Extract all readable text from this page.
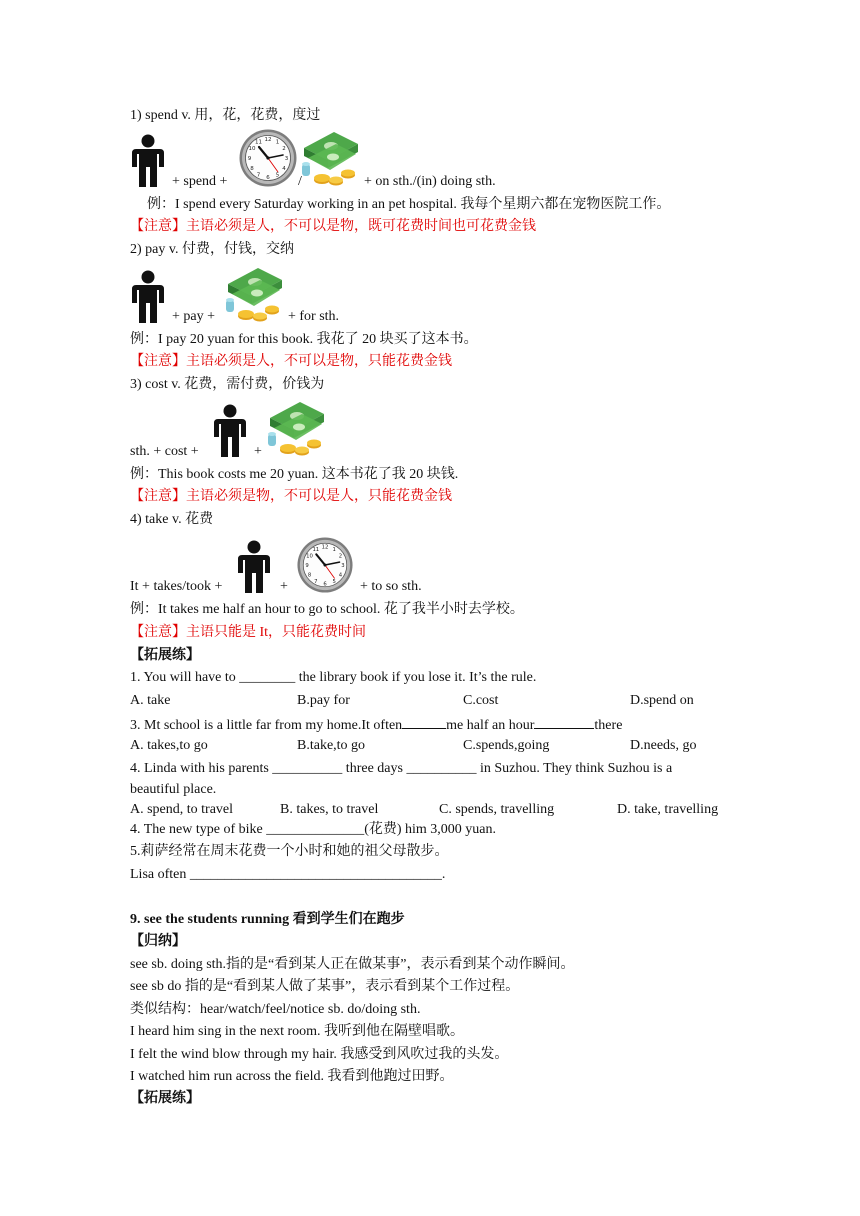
1) spend v. 用，花，花费，度过
+ spend +	/	+ on sth./(in) doing sth.
例：I spend every Saturday working in an pet hospital. 我每个星期六都在宠物医院工作。
【注意】主语必须是人，不可以是物，既可花费时间也可花费金钱
2) pay v. 付费，付钱，交纳
+ pay +	+ for sth.
例：I pay 20 yuan for this book. 我花了 20 块买了这本书。
【注意】主语必须是人，不可以是物，只能花费金钱
3) cost v. 花费，需付费，价钱为
sth. + cost +	+
例：This book costs me 20 yuan. 这本书花了我 20 块钱.
【注意】主语必须是物，不可以是人，只能花费金钱
4) take v. 花费
It + takes/took +	+	+ to so sth.
例：It takes me half an hour to go to school. 花了我半小时去学校。
【注意】主语只能是 It，只能花费时间
【拓展练】
1. You will have to ________ the library book if you lose it. It’s the rule.
A. take	B.pay for	C.cost	D.spend on
3. Mt school is a little far from my home.It often	me half an hour	there
A. takes,to go	B.take,to go	C.spends,going	D.needs, go
4. Linda with his parents __________ three days __________ in Suzhou. They think Suzhou is a
beautiful place.
A. spend, to travel	B. takes, to travel	C. spends, travelling	D. take, travelling
4. The new type of bike ______________(花费) him 3,000 yuan.
5.莉萨经常在周末花费一个小时和她的祖父母散步。
Lisa often ____________________________________.
9. see the students running 看到学生们在跑步
【归纳】
see sb. doing sth.指的是“看到某人正在做某事”，表示看到某个动作瞬间。
see sb do 指的是“看到某人做了某事”，表示看到某个工作过程。
类似结构：hear/watch/feel/notice sb. do/doing sth.
I heard him sing in the next room. 我听到他在隔壁唱歌。
I felt the wind blow through my hair. 我感受到风吹过我的头发。
I watched him run across the field. 我看到他跑过田野。
【拓展练】
